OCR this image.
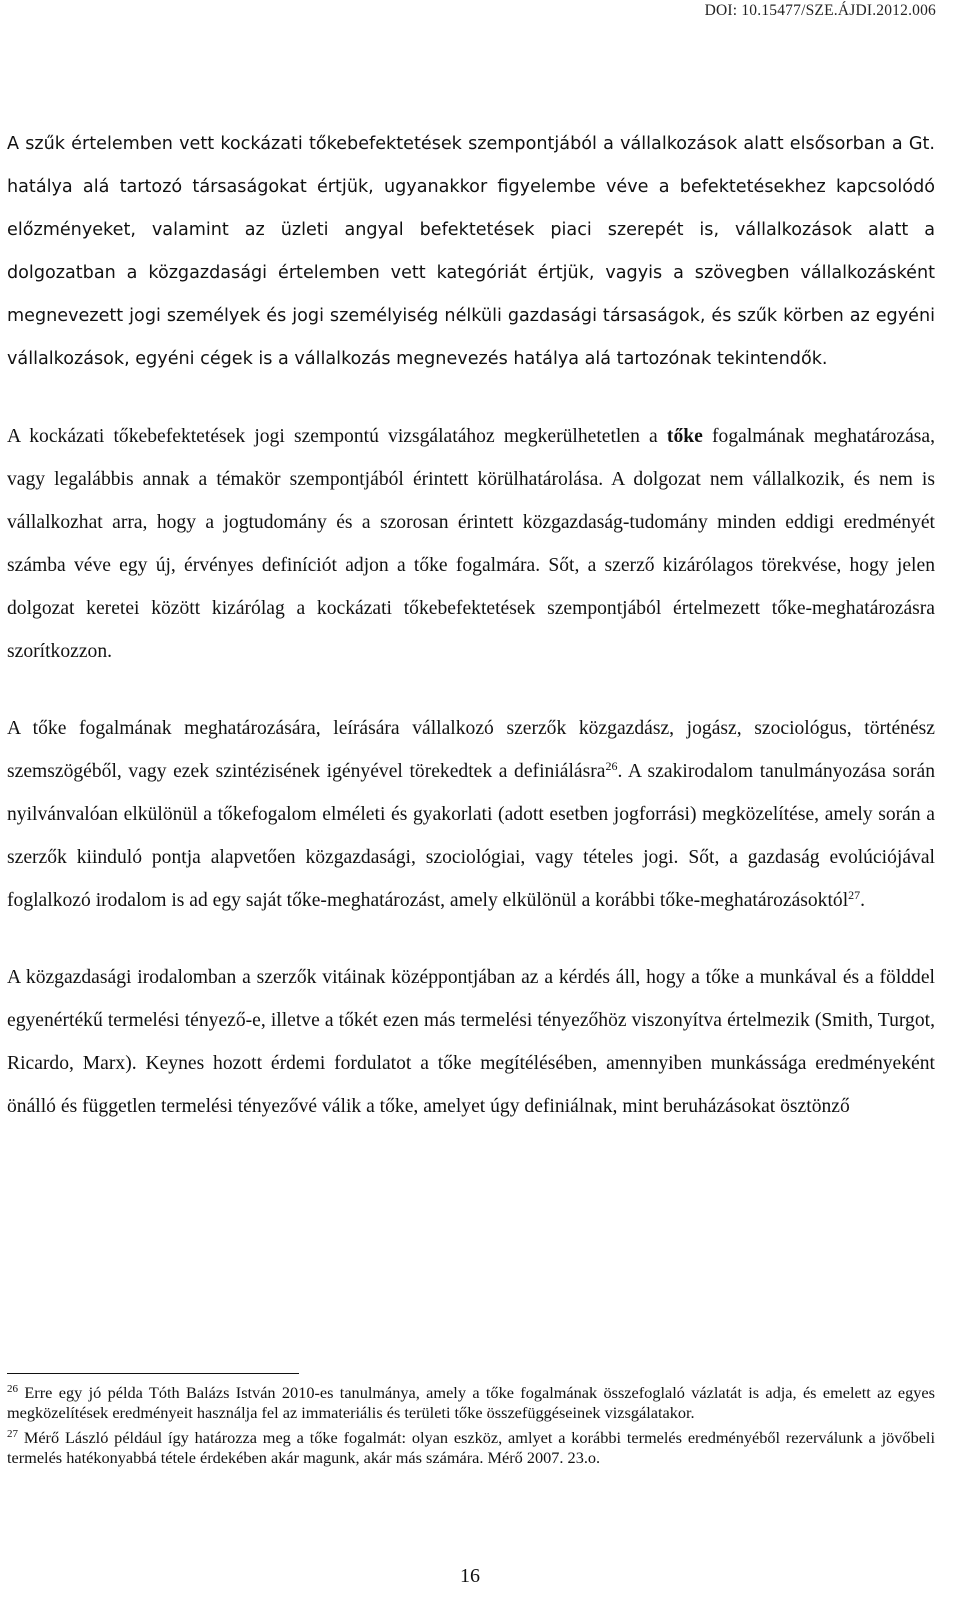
DOI: 10.15477/SZE.ÁJDI.2012.006

A szűk értelemben vett kockázati tőkebefektetések szempontjából a vállalkozások alatt elsősorban a Gt. hatálya alá tartozó társaságokat értjük, ugyanakkor figyelembe véve a befektetésekhez kapcsolódó előzményeket, valamint az üzleti angyal befektetések piaci szerepét is, vállalkozások alatt a dolgozatban a közgazdasági értelemben vett kategóriát értjük, vagyis a szövegben vállalkozásként megnevezett jogi személyek és jogi személyiség nélküli gazdasági társaságok, és szűk körben az egyéni vállalkozások, egyéni cégek is a vállalkozás megnevezés hatálya alá tartozónak tekintendők.

A kockázati tőkebefektetések jogi szempontú vizsgálatához megkerülhetetlen a tőke fogalmának meghatározása, vagy legalábbis annak a témakör szempontjából érintett körülhatárolása. A dolgozat nem vállalkozik, és nem is vállalkozhat arra, hogy a jogtudomány és a szorosan érintett közgazdaság-tudomány minden eddigi eredményét számba véve egy új, érvényes definíciót adjon a tőke fogalmára. Sőt, a szerző kizárólagos törekvése, hogy jelen dolgozat keretei között kizárólag a kockázati tőkebefektetések szempontjából értelmezett tőke-meghatározásra szorítkozzon.

A tőke fogalmának meghatározására, leírására vállalkozó szerzők közgazdász, jogász, szociológus, történész szemszögéből, vagy ezek szintézisének igényével törekedtek a definiálásra$^{26}$. A szakirodalom tanulmányozása során nyilvánvalóan elkülönül a tőkefogalom elméleti és gyakorlati (adott esetben jogforrási) megközelítése, amely során a szerzők kiinduló pontja alapvetően közgazdasági, szociológiai, vagy tételes jogi. Sőt, a gazdaság evolúciójával foglalkozó irodalom is ad egy saját tőke-meghatározást, amely elkülönül a korábbi tőke-meghatározásoktól$^{27}$.

A közgazdasági irodalomban a szerzők vitáinak középpontjában az a kérdés áll, hogy a tőke a munkával és a földdel egyenértékű termelési tényező-e, illetve a tőkét ezen más termelési tényezőhöz viszonyítva értelmezik (Smith, Turgot, Ricardo, Marx). Keynes hozott érdemi fordulatot a tőke megítélésében, amennyiben munkássága eredményeként önálló és független termelési tényezővé válik a tőke, amelyet úgy definiálnak, mint beruházásokat ösztönző

$^{26}$ Erre egy jó példa Tóth Balázs István 2010-es tanulmánya, amely a tőke fogalmának összefoglaló vázlatát is adja, és emelett az egyes megközelítések eredményeit használja fel az immateriális és területi tőke összefüggéseinek vizsgálatakor.

$^{27}$ Mérő László például így határozza meg a tőke fogalmát: olyan eszköz, amlyet a korábbi termelés eredményéből rezerválunk a jövőbeli termelés hatékonyabbá tétele érdekében akár magunk, akár más számára. Mérő 2007. 23.o.

16
